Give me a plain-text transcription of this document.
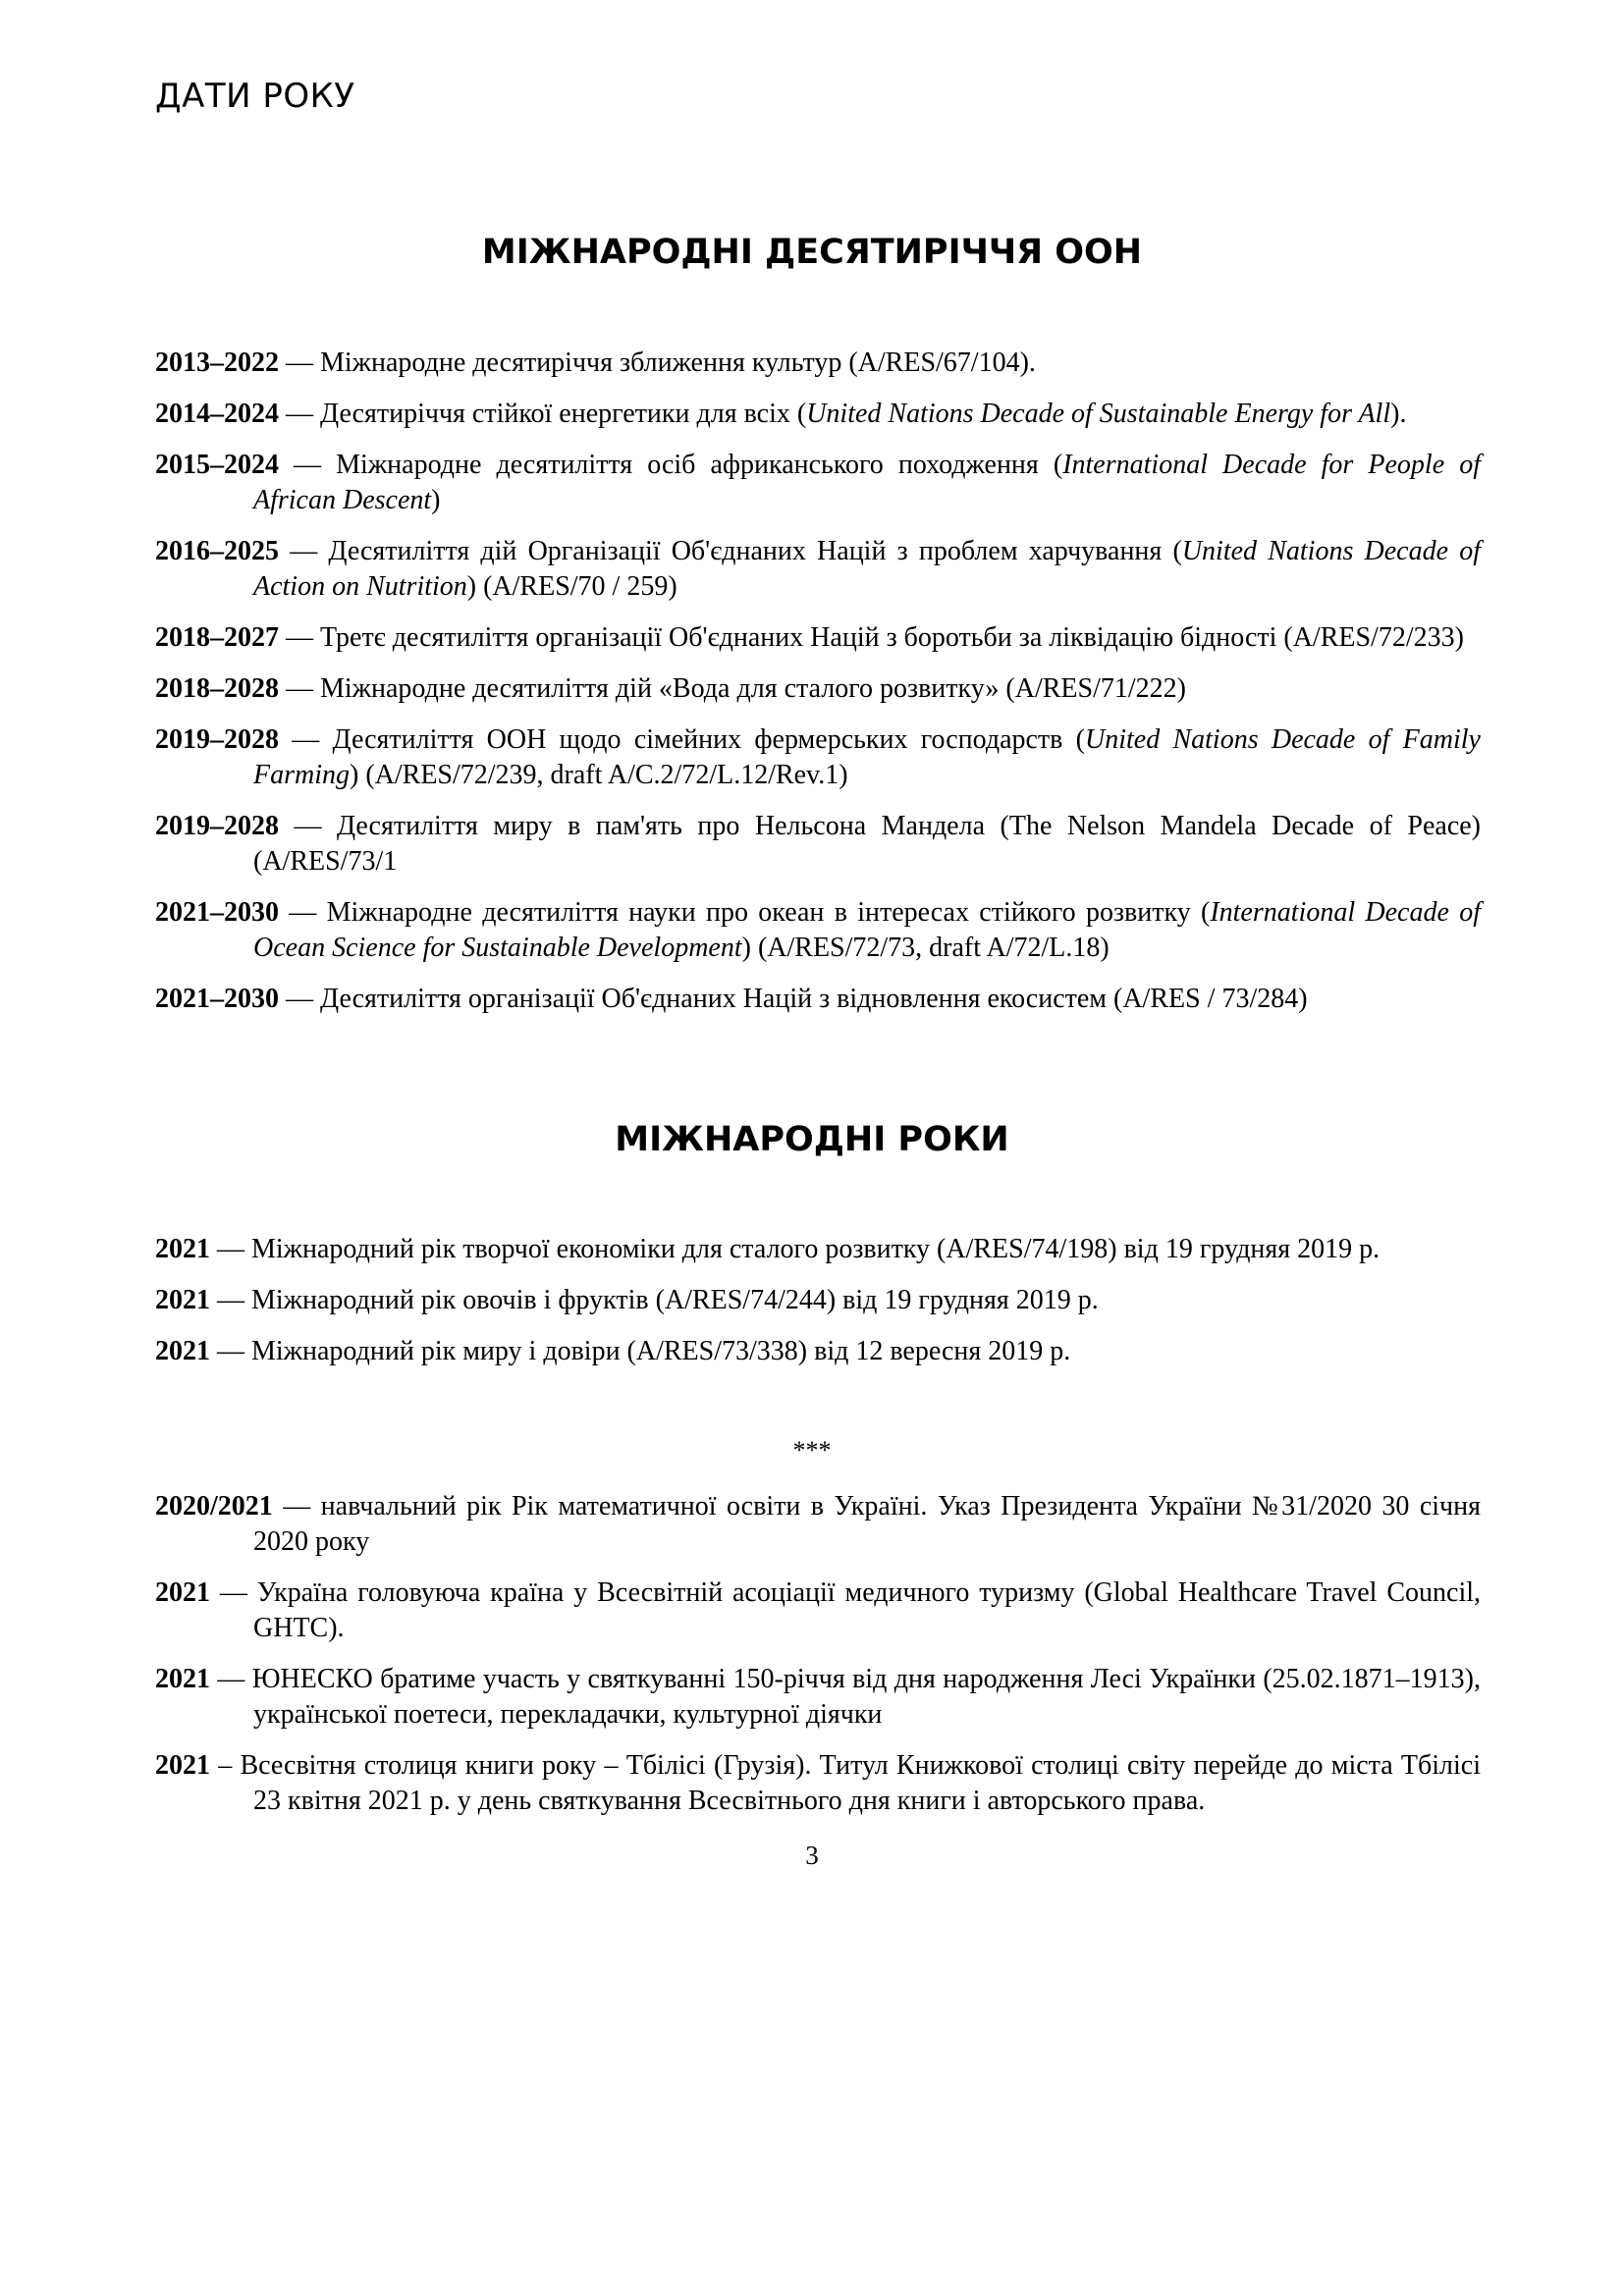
ДАТИ РОКУ
МІЖНАРОДНІ ДЕСЯТИРІЧЧЯ ООН

2013–2022 — Міжнародне десятиріччя зближення культур (A/RES/67/104).

2014–2024 — Десятиріччя стійкої енергетики для всіх (United Nations Decade of Sustainable Energy for All).

2015–2024 — Міжнародне десятиліття осіб африканського походження (International Decade for People of African Descent)

2016–2025 — Десятиліття дій Організації Об'єднаних Націй з проблем харчування (United Nations Decade of Action on Nutrition) (A/RES/70 / 259)

2018–2027 — Третє десятиліття організації Об'єднаних Націй з боротьби за ліквідацію бідності (A/RES/72/233)

2018–2028 — Міжнародне десятиліття дій «Вода для сталого розвитку» (A/RES/71/222)

2019–2028 — Десятиліття ООН щодо сімейних фермерських господарств (United Nations Decade of Family Farming) (A/RES/72/239, draft A/C.2/72/L.12/Rev.1)

2019–2028 — Десятиліття миру в пам'ять про Нельсона Мандела (The Nelson Mandela Decade of Peace) (A/RES/73/1

2021–2030 — Міжнародне десятиліття науки про океан в інтересах стійкого розвитку (International Decade of Ocean Science for Sustainable Development) (A/RES/72/73, draft A/72/L.18)

2021–2030 — Десятиліття організації Об'єднаних Націй з відновлення екосистем (A/RES / 73/284)

МІЖНАРОДНІ РОКИ

2021 — Міжнародний рік творчої економіки для сталого розвитку (A/RES/74/198) від 19 грудняя 2019 р.

2021 — Міжнародний рік овочів і фруктів (A/RES/74/244) від 19 грудняя 2019 р.

2021 — Міжнародний рік миру і довіри (A/RES/73/338) від 12 вересня 2019 р.

***

2020/2021 — навчальний рік Рік математичної освіти в Україні. Указ Президента України №31/2020 30 січня 2020 року

2021 — Україна головуюча країна у Всесвітній асоціації медичного туризму (Global Healthcare Travel Council, GHTC).

2021 — ЮНЕСКО братиме участь у святкуванні 150-річчя від дня народження Лесі Українки (25.02.1871–1913), української поетеси, перекладачки, культурної діячки

2021 – Всесвітня столиця книги року – Тбілісі (Грузія). Титул Книжкової столиці світу перейде до міста Тбілісі 23 квітня 2021 р. у день святкування Всесвітнього дня книги і авторського права.

3
